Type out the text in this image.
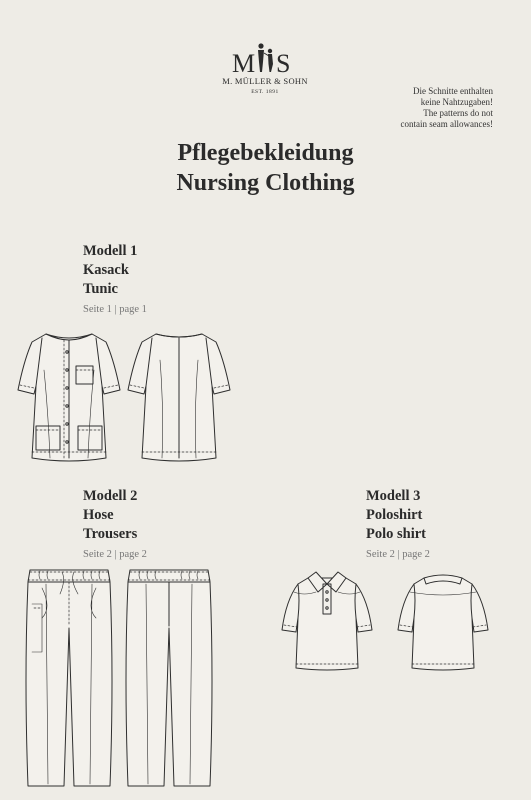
M S
M. MÜLLER & SOHN
EST. 1891	Die Schnitte enthalten
keine Nahtzugaben!
The patterns do not
contain seam allowances!
Pflegebekleidung
Nursing Clothing
Modell 1
Kasack
Tunic
Seite 1 | page 1
Modell 2
Hose
Trousers
Seite 2 | page 2
Modell 3
Poloshirt
Polo shirt
Seite 2 | page 2
